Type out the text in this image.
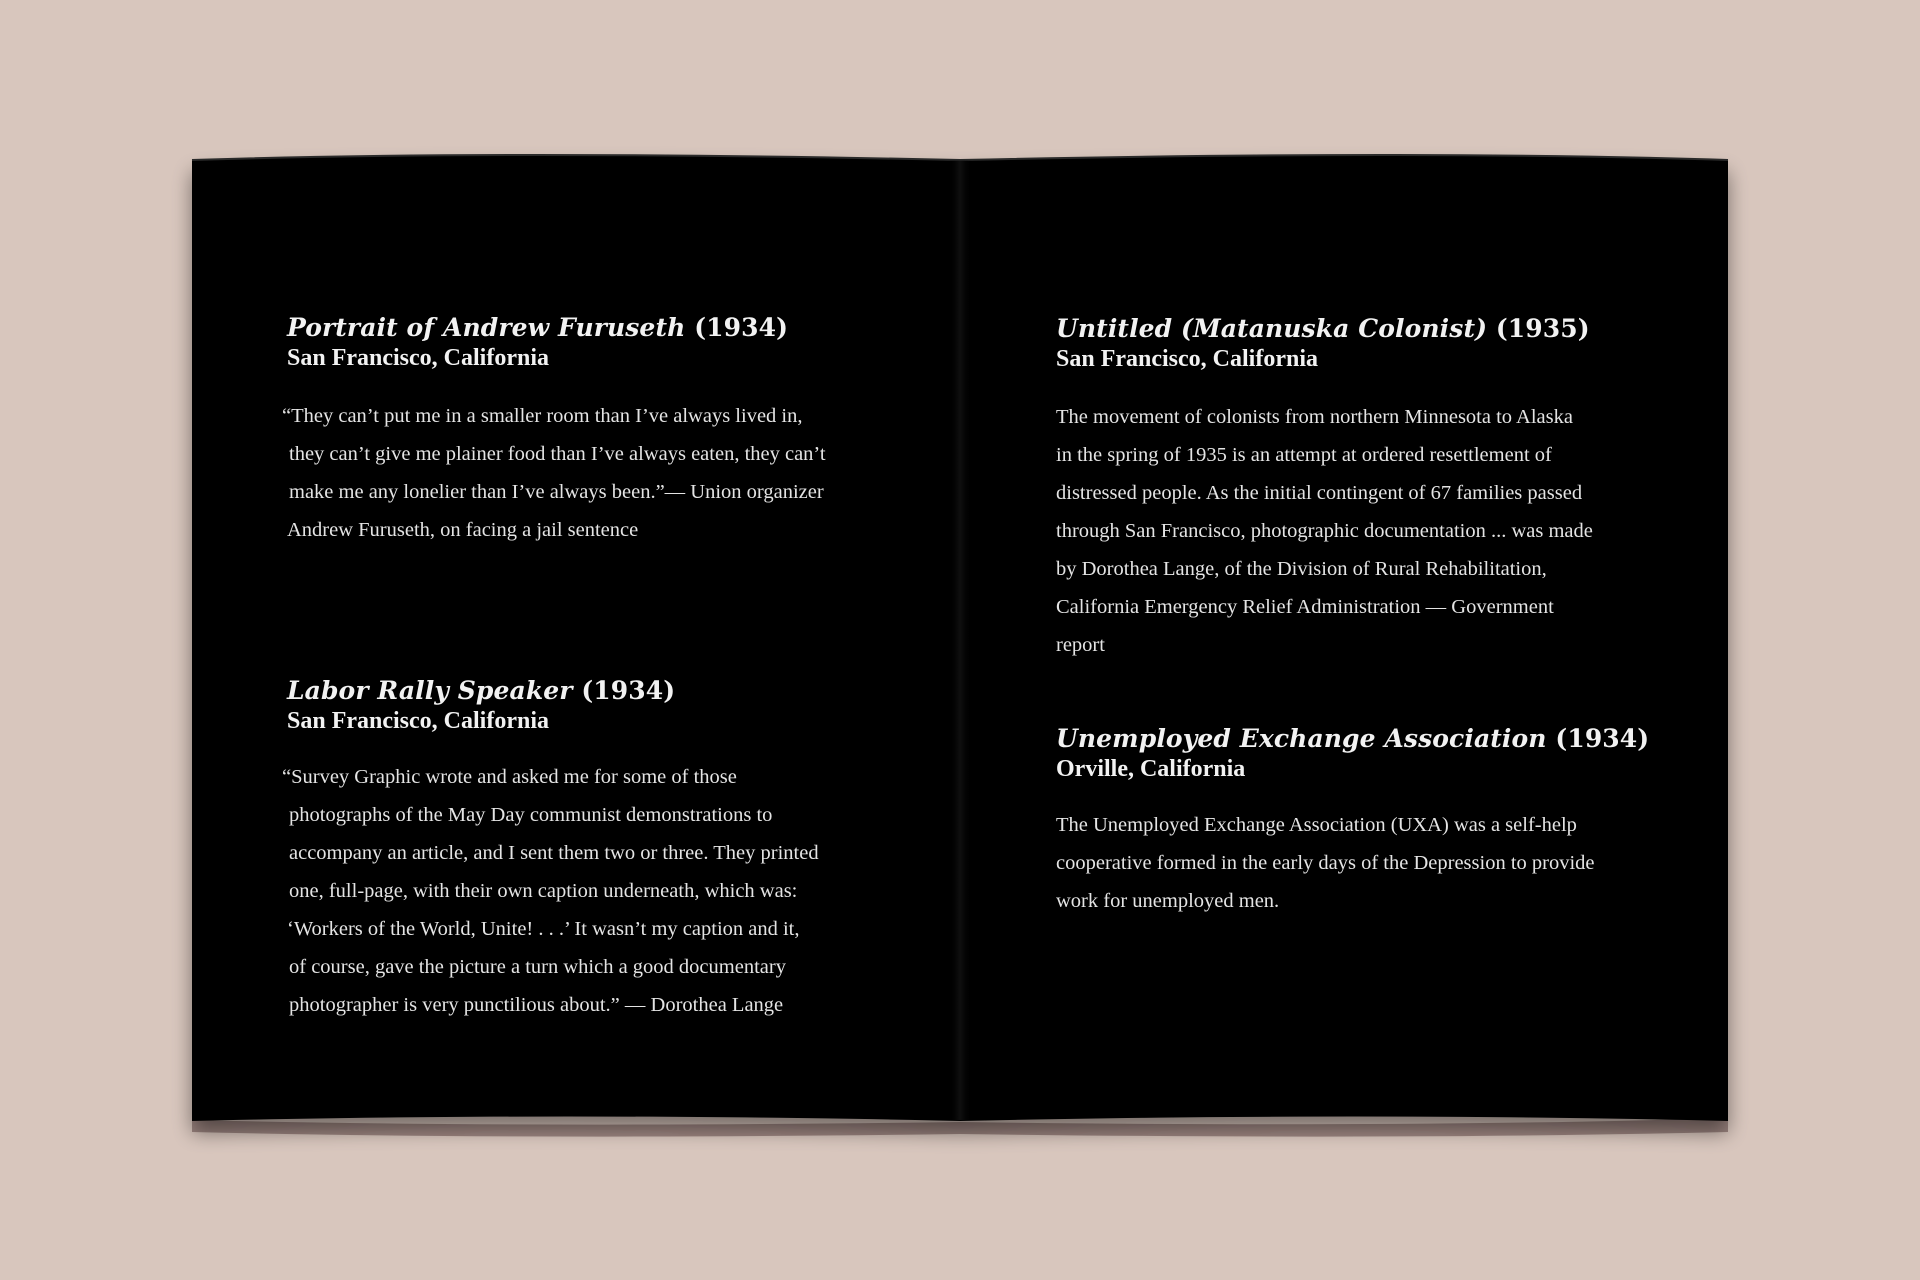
Portrait of Andrew Furuseth (1934)

San Francisco, California

“They can’t put me in a smaller room than I’ve always lived in,
they can’t give me plainer food than I’ve always eaten, they can’t
make me any lonelier than I’ve always been.”— Union organizer
Andrew Furuseth, on facing a jail sentence

Labor Rally Speaker (1934)

San Francisco, California

“Survey Graphic wrote and asked me for some of those
photographs of the May Day communist demonstrations to
accompany an article, and I sent them two or three. They printed
one, full-page, with their own caption underneath, which was:
‘Workers of the World, Unite! . . .’ It wasn’t my caption and it,
of course, gave the picture a turn which a good documentary
photographer is very punctilious about.” — Dorothea Lange

Untitled (Matanuska Colonist) (1935)

San Francisco, California

The movement of colonists from northern Minnesota to Alaska
in the spring of 1935 is an attempt at ordered resettlement of
distressed people. As the initial contingent of 67 families passed
through San Francisco, photographic documentation ... was made
by Dorothea Lange, of the Division of Rural Rehabilitation,
California Emergency Relief Administration — Government
report

Unemployed Exchange Association (1934)

Orville, California

The Unemployed Exchange Association (UXA) was a self-help
cooperative formed in the early days of the Depression to provide
work for unemployed men.
